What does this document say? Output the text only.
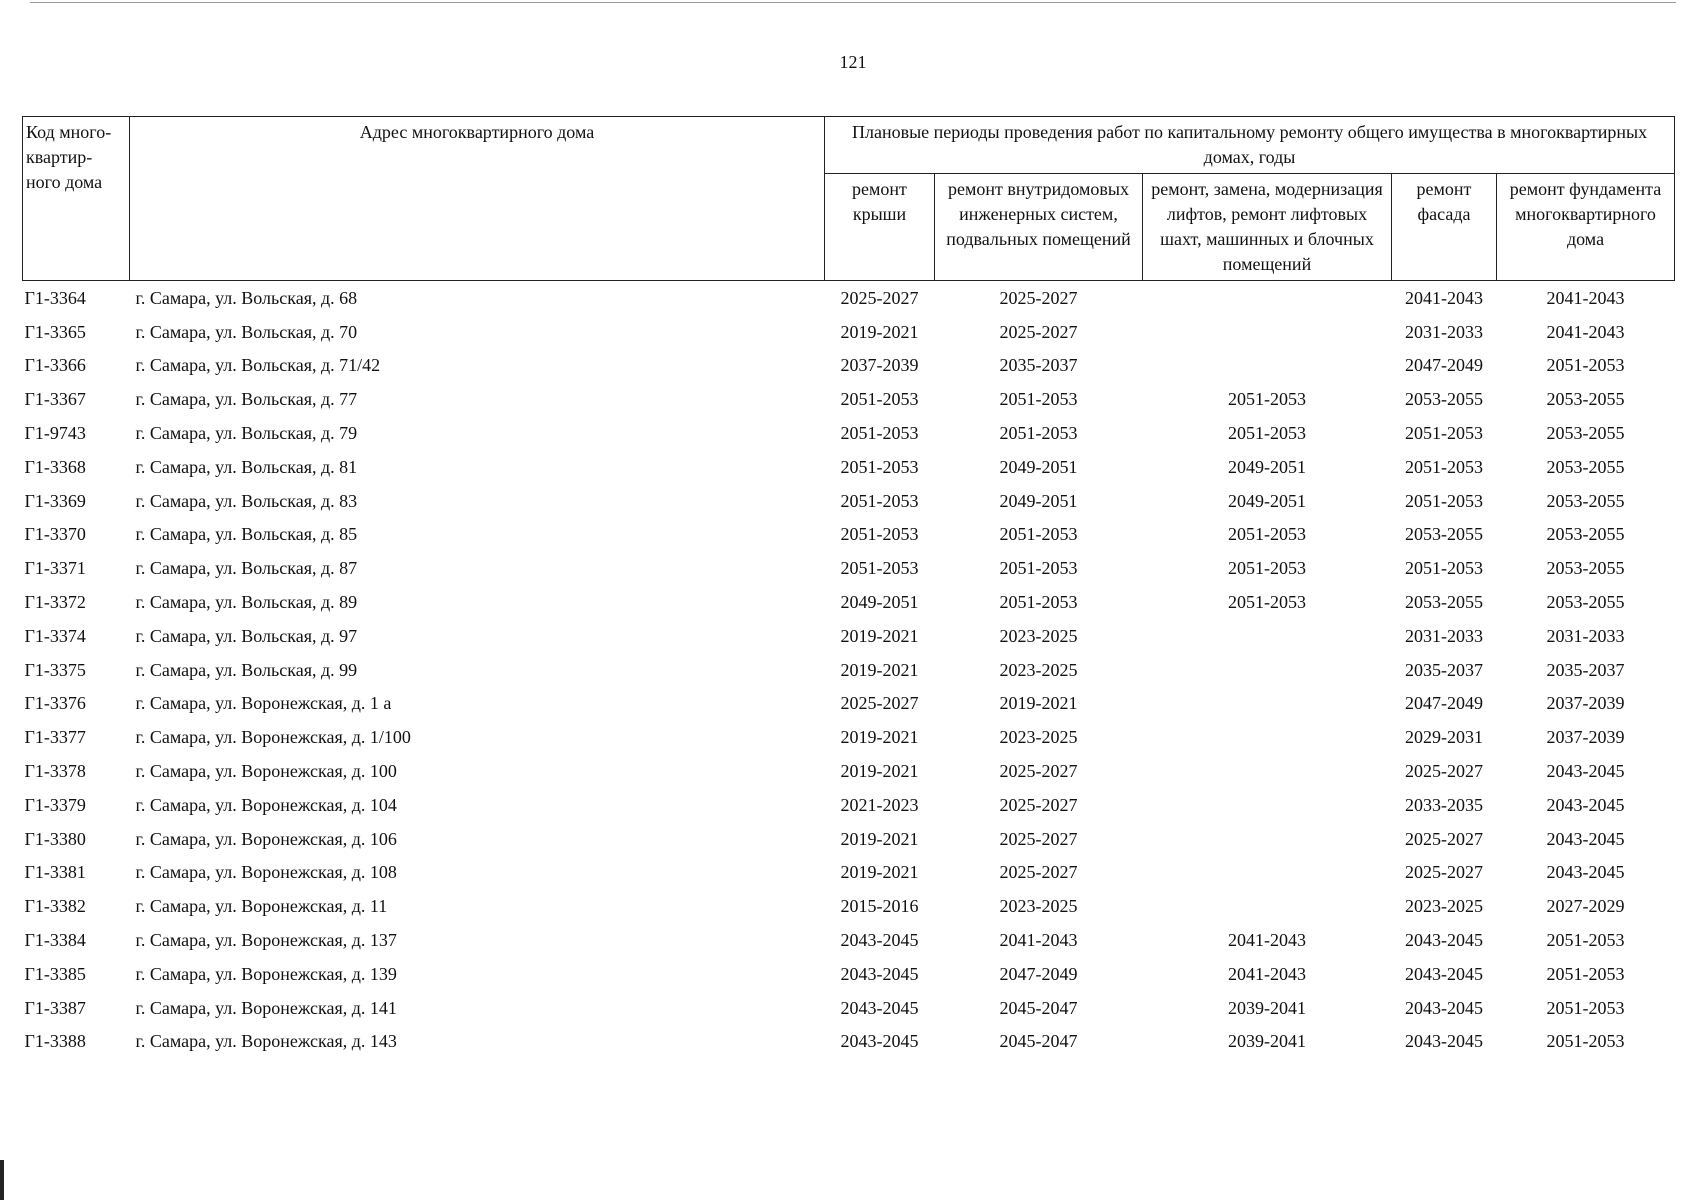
121
Код много-квартир-ного дома	Адрес многоквартирного дома	Плановые периоды проведения работ по капитальному ремонту общего имущества в многоквартирных домах, годы				
		ремонт крыши	ремонт внутридомовых инженерных систем, подвальных помещений	ремонт, замена, модернизация лифтов, ремонт лифтовых шахт, машинных и блочных помещений	ремонт фасада	ремонт фундамента многоквартирного дома
Г1-3364	г. Самара, ул. Вольская, д. 68	2025-2027	2025-2027		2041-2043	2041-2043
Г1-3365	г. Самара, ул. Вольская, д. 70	2019-2021	2025-2027		2031-2033	2041-2043
Г1-3366	г. Самара, ул. Вольская, д. 71/42	2037-2039	2035-2037		2047-2049	2051-2053
Г1-3367	г. Самара, ул. Вольская, д. 77	2051-2053	2051-2053	2051-2053	2053-2055	2053-2055
Г1-9743	г. Самара, ул. Вольская, д. 79	2051-2053	2051-2053	2051-2053	2051-2053	2053-2055
Г1-3368	г. Самара, ул. Вольская, д. 81	2051-2053	2049-2051	2049-2051	2051-2053	2053-2055
Г1-3369	г. Самара, ул. Вольская, д. 83	2051-2053	2049-2051	2049-2051	2051-2053	2053-2055
Г1-3370	г. Самара, ул. Вольская, д. 85	2051-2053	2051-2053	2051-2053	2053-2055	2053-2055
Г1-3371	г. Самара, ул. Вольская, д. 87	2051-2053	2051-2053	2051-2053	2051-2053	2053-2055
Г1-3372	г. Самара, ул. Вольская, д. 89	2049-2051	2051-2053	2051-2053	2053-2055	2053-2055
Г1-3374	г. Самара, ул. Вольская, д. 97	2019-2021	2023-2025		2031-2033	2031-2033
Г1-3375	г. Самара, ул. Вольская, д. 99	2019-2021	2023-2025		2035-2037	2035-2037
Г1-3376	г. Самара, ул. Воронежская, д. 1 а	2025-2027	2019-2021		2047-2049	2037-2039
Г1-3377	г. Самара, ул. Воронежская, д. 1/100	2019-2021	2023-2025		2029-2031	2037-2039
Г1-3378	г. Самара, ул. Воронежская, д. 100	2019-2021	2025-2027		2025-2027	2043-2045
Г1-3379	г. Самара, ул. Воронежская, д. 104	2021-2023	2025-2027		2033-2035	2043-2045
Г1-3380	г. Самара, ул. Воронежская, д. 106	2019-2021	2025-2027		2025-2027	2043-2045
Г1-3381	г. Самара, ул. Воронежская, д. 108	2019-2021	2025-2027		2025-2027	2043-2045
Г1-3382	г. Самара, ул. Воронежская, д. 11	2015-2016	2023-2025		2023-2025	2027-2029
Г1-3384	г. Самара, ул. Воронежская, д. 137	2043-2045	2041-2043	2041-2043	2043-2045	2051-2053
Г1-3385	г. Самара, ул. Воронежская, д. 139	2043-2045	2047-2049	2041-2043	2043-2045	2051-2053
Г1-3387	г. Самара, ул. Воронежская, д. 141	2043-2045	2045-2047	2039-2041	2043-2045	2051-2053
Г1-3388	г. Самара, ул. Воронежская, д. 143	2043-2045	2045-2047	2039-2041	2043-2045	2051-2053
